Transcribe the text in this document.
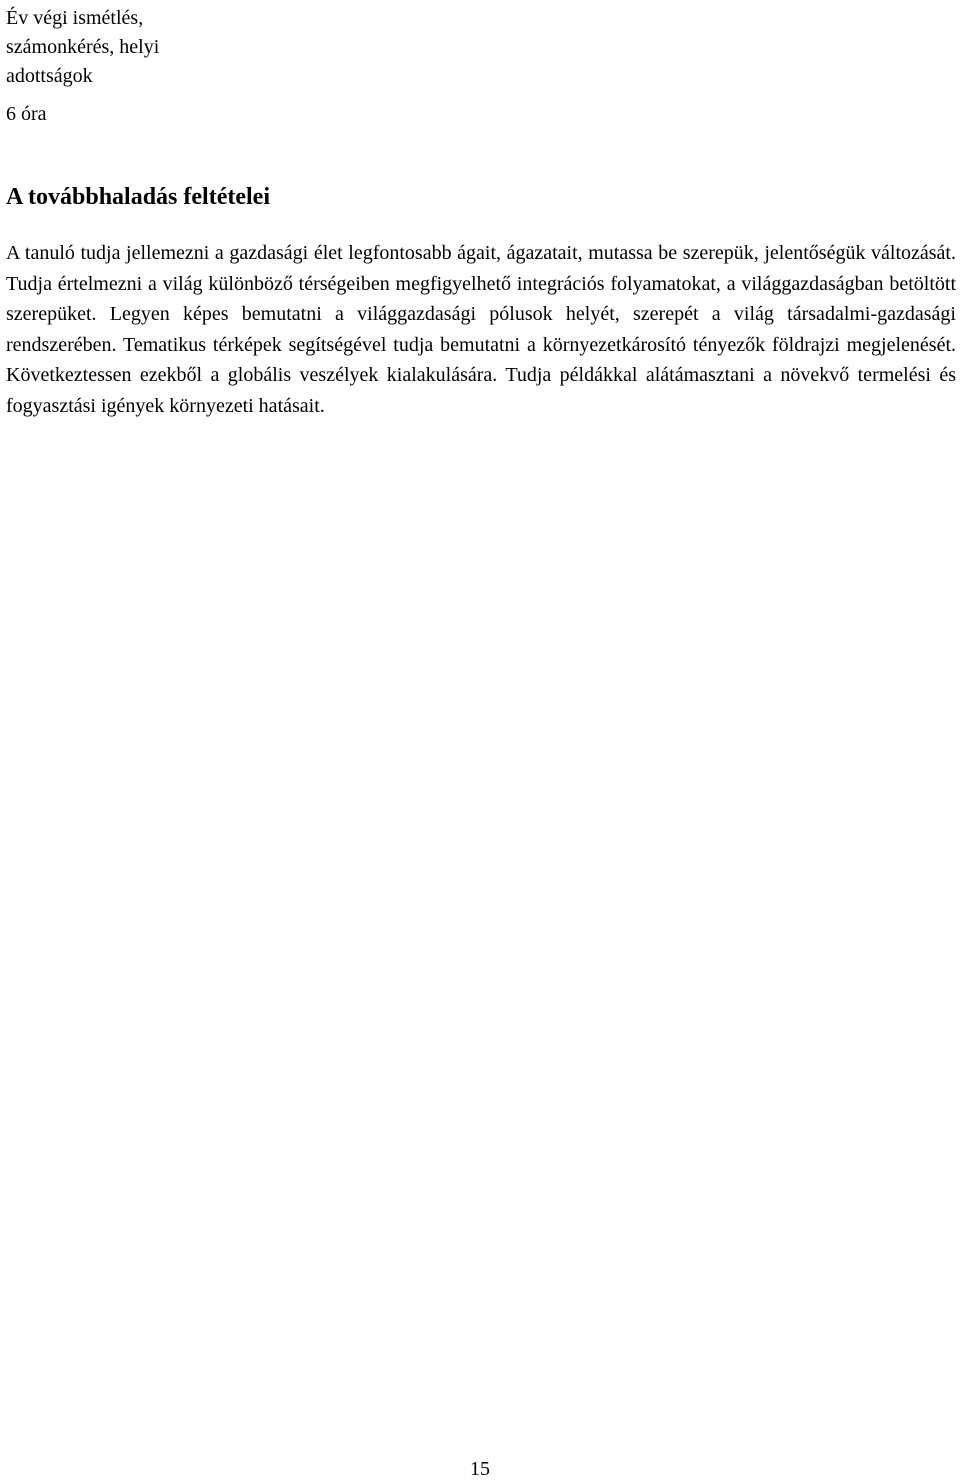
Év végi ismétlés,
számonkérés, helyi
adottságok
6 óra
A továbbhaladás feltételei

A tanuló tudja jellemezni a gazdasági élet legfontosabb ágait, ágazatait, mutassa be szerepük, jelentőségük változását. Tudja értelmezni a világ különböző térségeiben megfigyelhető integrációs folyamatokat, a világgazdaságban betöltött szerepüket. Legyen képes bemutatni a világgazdasági pólusok helyét, szerepét a világ társadalmi-gazdasági rendszerében. Tematikus térképek segítségével tudja bemutatni a környezetkárosító tényezők földrajzi megjelenését. Következtessen ezekből a globális veszélyek kialakulására. Tudja példákkal alátámasztani a növekvő termelési és fogyasztási igények környezeti hatásait.

15
